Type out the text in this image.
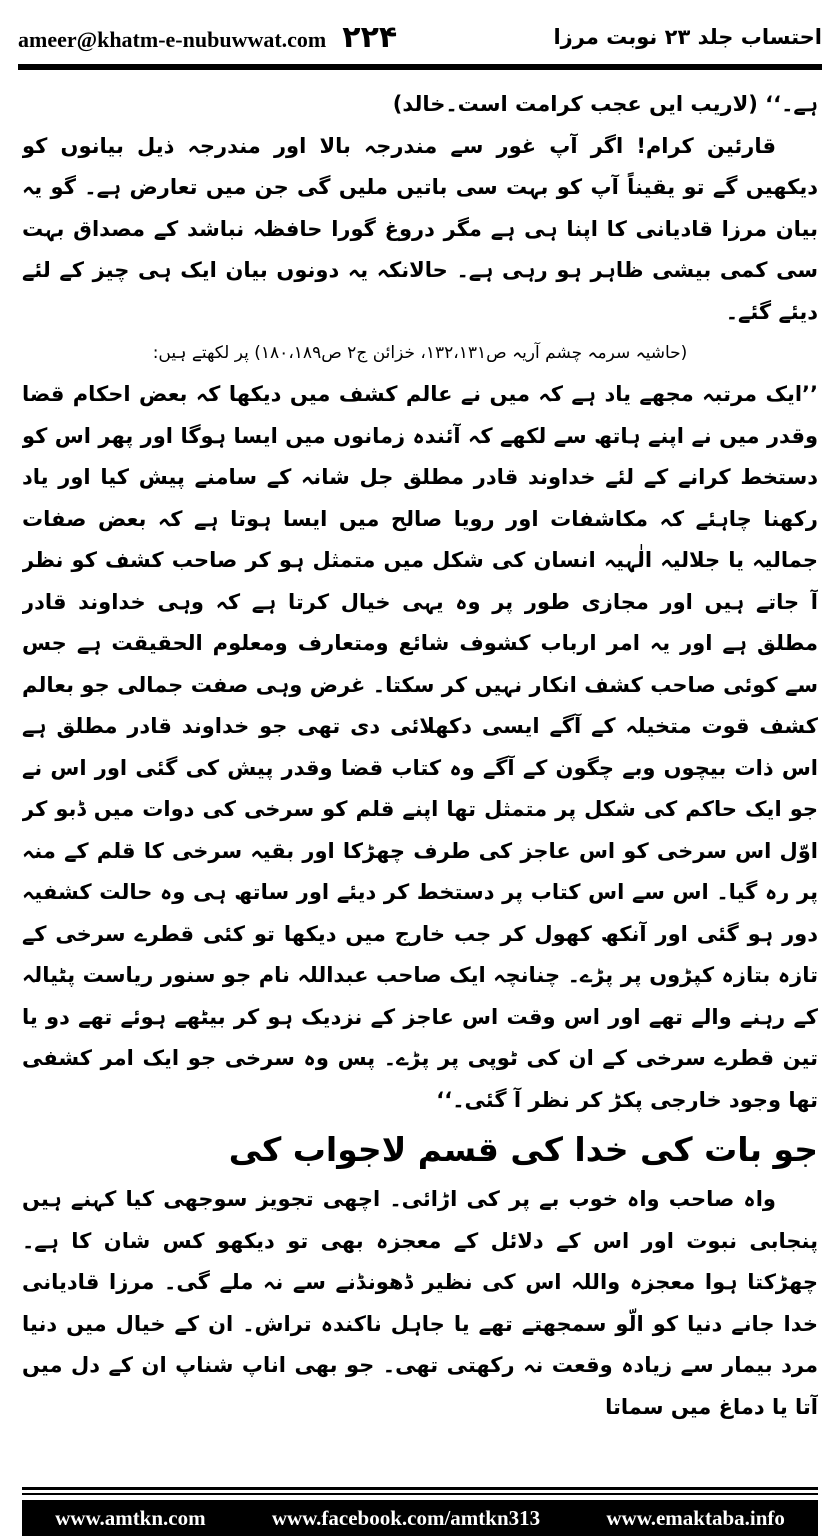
ameer@khatm-e-nubuwwat.com ۲۲۴	احتساب جلد ۲۳ نوبت مرزا

ہے۔‘‘ (لاریب ایں عجب کرامت است۔خالد)

قارئین کرام! اگر آپ غور سے مندرجہ بالا اور مندرجہ ذیل بیانوں کو دیکھیں گے تو یقیناً آپ کو بہت سی باتیں ملیں گی جن میں تعارض ہے۔ گو یہ بیان مرزا قادیانی کا اپنا ہی ہے مگر دروغ گورا حافظہ نباشد کے مصداق بہت سی کمی بیشی ظاہر ہو رہی ہے۔ حالانکہ یہ دونوں بیان ایک ہی چیز کے لئے دیئے گئے۔

(حاشیہ سرمہ چشم آریہ ص۱۳۲،۱۳۱، خزائن ج۲ ص۱۸۰،۱۸۹) پر لکھتے ہیں:

’’ایک مرتبہ مجھے یاد ہے کہ میں نے عالم کشف میں دیکھا کہ بعض احکام قضا وقدر میں نے اپنے ہاتھ سے لکھے کہ آئندہ زمانوں میں ایسا ہوگا اور پھر اس کو دستخط کرانے کے لئے خداوند قادر مطلق جل شانہ کے سامنے پیش کیا اور یاد رکھنا چاہئے کہ مکاشفات اور رویا صالح میں ایسا ہوتا ہے کہ بعض صفات جمالیہ یا جلالیہ الٰہیہ انسان کی شکل میں متمثل ہو کر صاحب کشف کو نظر آ جاتے ہیں اور مجازی طور پر وہ یہی خیال کرتا ہے کہ وہی خداوند قادر مطلق ہے اور یہ امر ارباب کشوف شائع ومتعارف ومعلوم الحقیقت ہے جس سے کوئی صاحب کشف انکار نہیں کر سکتا۔ غرض وہی صفت جمالی جو بعالم کشف قوت متخیلہ کے آگے ایسی دکھلائی دی تھی جو خداوند قادر مطلق ہے اس ذات بیچوں وبے چگون کے آگے وہ کتاب قضا وقدر پیش کی گئی اور اس نے جو ایک حاکم کی شکل پر متمثل تھا اپنے قلم کو سرخی کی دوات میں ڈبو کر اوّل اس سرخی کو اس عاجز کی طرف چھڑکا اور بقیہ سرخی کا قلم کے منہ پر رہ گیا۔ اس سے اس کتاب پر دستخط کر دیئے اور ساتھ ہی وہ حالت کشفیہ دور ہو گئی اور آنکھ کھول کر جب خارج میں دیکھا تو کئی قطرے سرخی کے تازہ بتازہ کپڑوں پر پڑے۔ چنانچہ ایک صاحب عبداللہ نام جو سنور ریاست پٹیالہ کے رہنے والے تھے اور اس وقت اس عاجز کے نزدیک ہو کر بیٹھے ہوئے تھے دو یا تین قطرے سرخی کے ان کی ٹوپی پر پڑے۔ پس وہ سرخی جو ایک امر کشفی تھا وجود خارجی پکڑ کر نظر آ گئی۔‘‘

جو بات کی خدا کی قسم لاجواب کی

واہ صاحب واہ خوب بے پر کی اڑائی۔ اچھی تجویز سوجھی کیا کہنے ہیں پنجابی نبوت اور اس کے دلائل کے معجزہ بھی تو دیکھو کس شان کا ہے۔ چھڑکتا ہوا معجزہ واللہ اس کی نظیر ڈھونڈنے سے نہ ملے گی۔ مرزا قادیانی خدا جانے دنیا کو الّو سمجھتے تھے یا جاہل ناکندہ تراش۔ ان کے خیال میں دنیا مرد بیمار سے زیادہ وقعت نہ رکھتی تھی۔ جو بھی اناپ شناپ ان کے دل میں آتا یا دماغ میں سماتا

www.amtkn.com	www.facebook.com/amtkn313	www.emaktaba.info
